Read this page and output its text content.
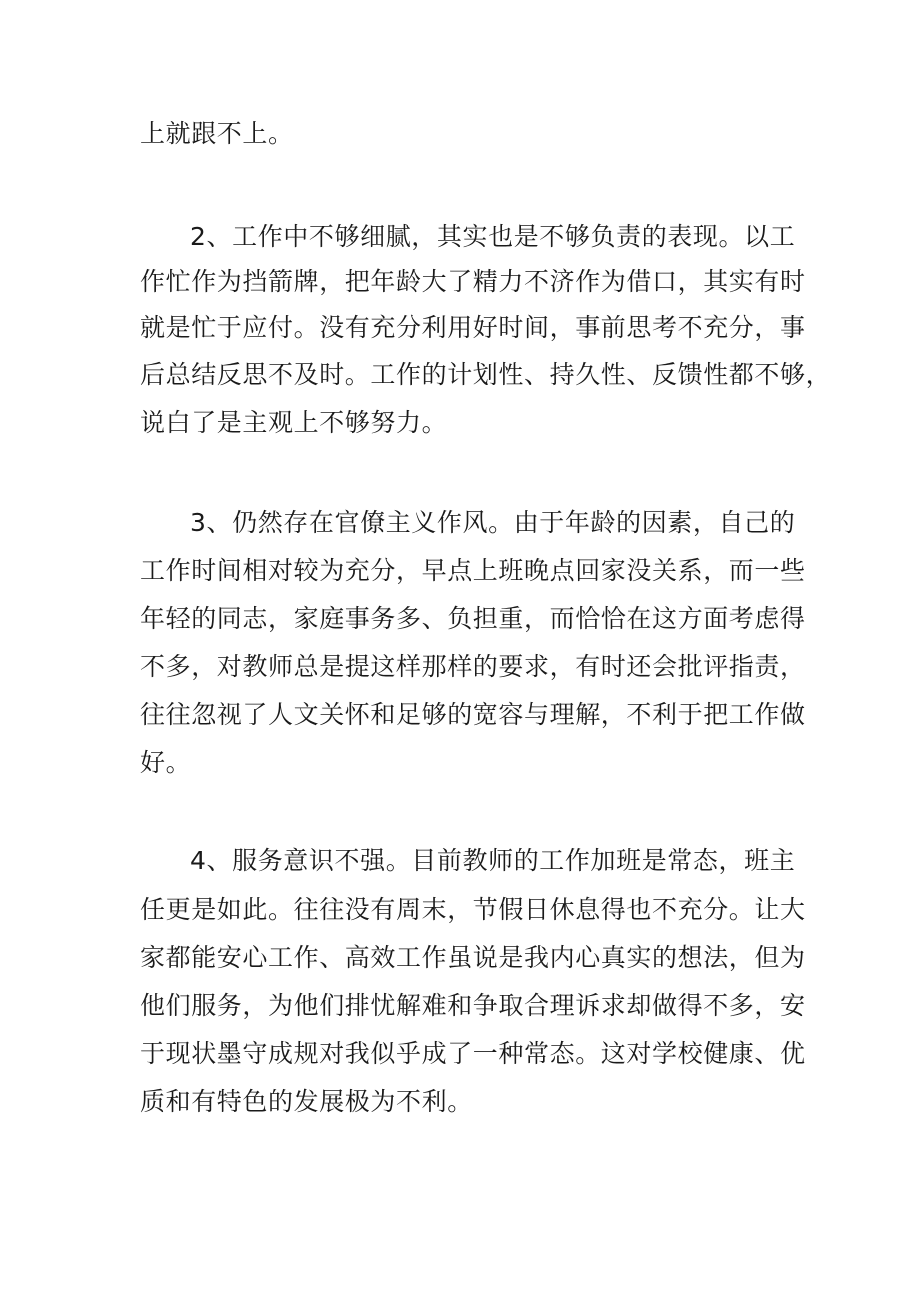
上就跟不上。
2、工作中不够细腻，其实也是不够负责的表现。以工
作忙作为挡箭牌，把年龄大了精力不济作为借口，其实有时
就是忙于应付。没有充分利用好时间，事前思考不充分，事
后总结反思不及时。工作的计划性、持久性、反馈性都不够，
说白了是主观上不够努力。
3、仍然存在官僚主义作风。由于年龄的因素，自己的
工作时间相对较为充分，早点上班晚点回家没关系，而一些
年轻的同志，家庭事务多、负担重，而恰恰在这方面考虑得
不多，对教师总是提这样那样的要求，有时还会批评指责，
往往忽视了人文关怀和足够的宽容与理解，不利于把工作做
好。
4、服务意识不强。目前教师的工作加班是常态，班主
任更是如此。往往没有周末，节假日休息得也不充分。让大
家都能安心工作、高效工作虽说是我内心真实的想法，但为
他们服务，为他们排忧解难和争取合理诉求却做得不多，安
于现状墨守成规对我似乎成了一种常态。这对学校健康、优
质和有特色的发展极为不利。
